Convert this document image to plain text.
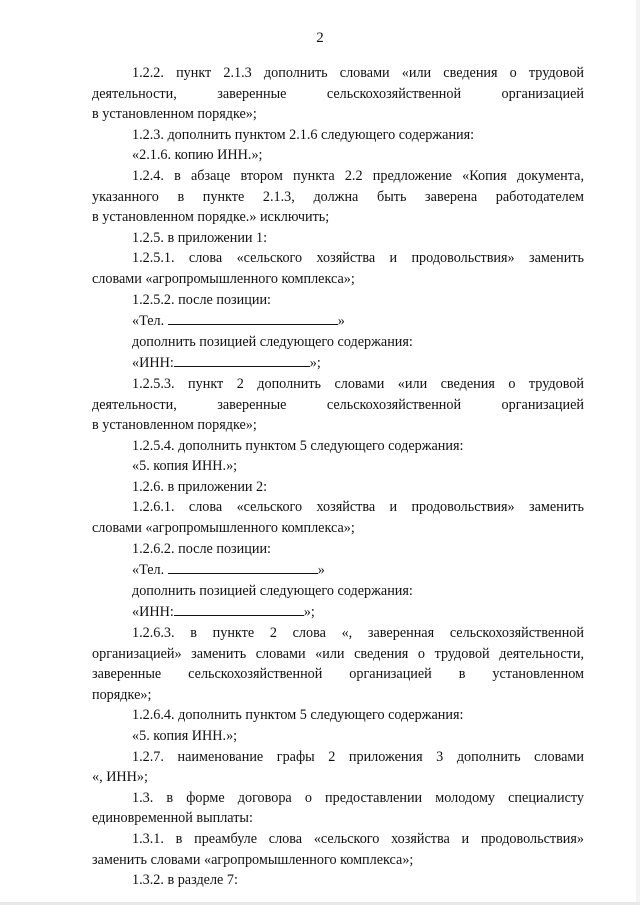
2

1.2.2. пункт 2.1.3 дополнить словами «или сведения о трудовой

деятельности, заверенные сельскохозяйственной организацией

в установленном порядке»;

1.2.3. дополнить пунктом 2.1.6 следующего содержания:

«2.1.6. копию ИНН.»;

1.2.4. в абзаце втором пункта 2.2 предложение «Копия документа,

указанного в пункте 2.1.3, должна быть заверена работодателем

в установленном порядке.» исключить;

1.2.5. в приложении 1:

1.2.5.1. слова «сельского хозяйства и продовольствия» заменить

словами «агропромышленного комплекса»;

1.2.5.2. после позиции:

«Тел.	»

дополнить позицией следующего содержания:

«ИНН:	»;

1.2.5.3. пункт 2 дополнить словами «или сведения о трудовой

деятельности, заверенные сельскохозяйственной организацией

в установленном порядке»;

1.2.5.4. дополнить пунктом 5 следующего содержания:

«5. копия ИНН.»;

1.2.6. в приложении 2:

1.2.6.1. слова «сельского хозяйства и продовольствия» заменить

словами «агропромышленного комплекса»;

1.2.6.2. после позиции:

«Тел.	»

дополнить позицией следующего содержания:

«ИНН:	»;

1.2.6.3. в пункте 2 слова «, заверенная сельскохозяйственной

организацией» заменить словами «или сведения о трудовой деятельности,

заверенные сельскохозяйственной организацией в установленном

порядке»;

1.2.6.4. дополнить пунктом 5 следующего содержания:

«5. копия ИНН.»;

1.2.7. наименование графы 2 приложения 3 дополнить словами

«, ИНН»;

1.3. в форме договора о предоставлении молодому специалисту

единовременной выплаты:

1.3.1. в преамбуле слова «сельского хозяйства и продовольствия»

заменить словами «агропромышленного комплекса»;

1.3.2. в разделе 7:
